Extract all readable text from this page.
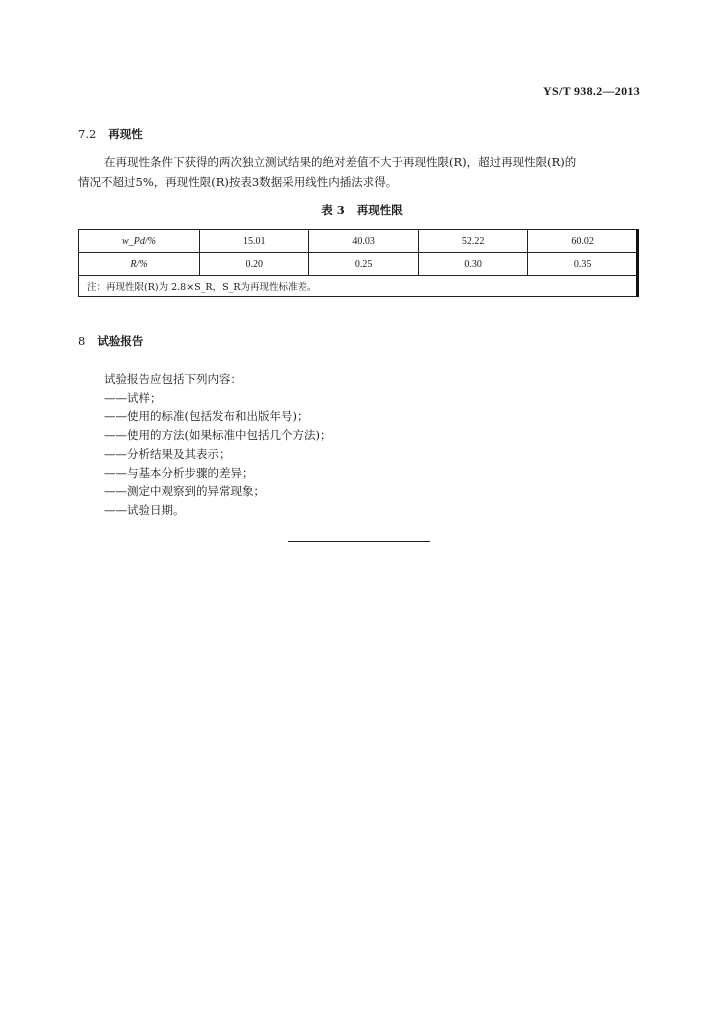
YS/T 938.2—2013
7.2 再现性

在再现性条件下获得的两次独立测试结果的绝对差值不大于再现性限(R)，超过再现性限(R)的

情况不超过5%，再现性限(R)按表3数据采用线性内插法求得。

表 3 再现性限
w_Pd/%	15.01	40.03	52.22	60.02
R/%	0.20	0.25	0.30	0.35
注：再现性限(R)为 2.8×S_R，S_R为再现性标准差。				
8 试验报告
试验报告应包括下列内容：
——试样；
——使用的标准(包括发布和出版年号)；
——使用的方法(如果标准中包括几个方法)；
——分析结果及其表示；
——与基本分析步骤的差异；
——测定中观察到的异常现象；
——试验日期。
